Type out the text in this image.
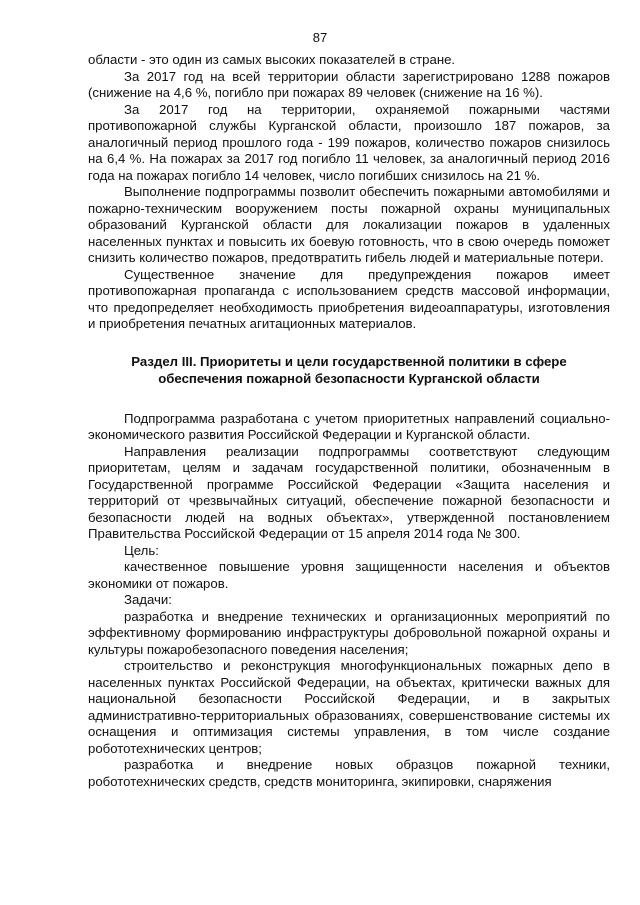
87

области - это один из самых высоких показателей в стране.

За 2017 год на всей территории области зарегистрировано 1288 пожаров (снижение на 4,6 %, погибло при пожарах 89 человек (снижение на 16 %).

За 2017 год на территории, охраняемой пожарными частями противопожарной службы Курганской области, произошло 187 пожаров, за аналогичный период прошлого года - 199 пожаров, количество пожаров снизилось на 6,4 %. На пожарах за 2017 год погибло 11 человек, за аналогичный период 2016 года на пожарах погибло 14 человек, число погибших снизилось на 21 %.

Выполнение подпрограммы позволит обеспечить пожарными автомобилями и пожарно-техническим вооружением посты пожарной охраны муниципальных образований Курганской области для локализации пожаров в удаленных населенных пунктах и повысить их боевую готовность, что в свою очередь поможет снизить количество пожаров, предотвратить гибель людей и материальные потери.

Существенное значение для предупреждения пожаров имеет противопожарная пропаганда с использованием средств массовой информации, что предопределяет необходимость приобретения видеоаппаратуры, изготовления и приобретения печатных агитационных материалов.

Раздел III. Приоритеты и цели государственной политики в сфере
обеспечения пожарной безопасности Курганской области

Подпрограмма разработана с учетом приоритетных направлений социально-экономического развития Российской Федерации и Курганской области.

Направления реализации подпрограммы соответствуют следующим приоритетам, целям и задачам государственной политики, обозначенным в Государственной программе Российской Федерации «Защита населения и территорий от чрезвычайных ситуаций, обеспечение пожарной безопасности и безопасности людей на водных объектах», утвержденной постановлением Правительства Российской Федерации от 15 апреля 2014 года № 300.

Цель:

качественное повышение уровня защищенности населения и объектов экономики от пожаров.

Задачи:

разработка и внедрение технических и организационных мероприятий по эффективному формированию инфраструктуры добровольной пожарной охраны и культуры пожаробезопасного поведения населения;

строительство и реконструкция многофункциональных пожарных депо в населенных пунктах Российской Федерации, на объектах, критически важных для национальной безопасности Российской Федерации, и в закрытых административно-территориальных образованиях, совершенствование системы их оснащения и оптимизация системы управления, в том числе создание робототехнических центров;

разработка и внедрение новых образцов пожарной техники, робототехнических средств, средств мониторинга, экипировки, снаряжения
